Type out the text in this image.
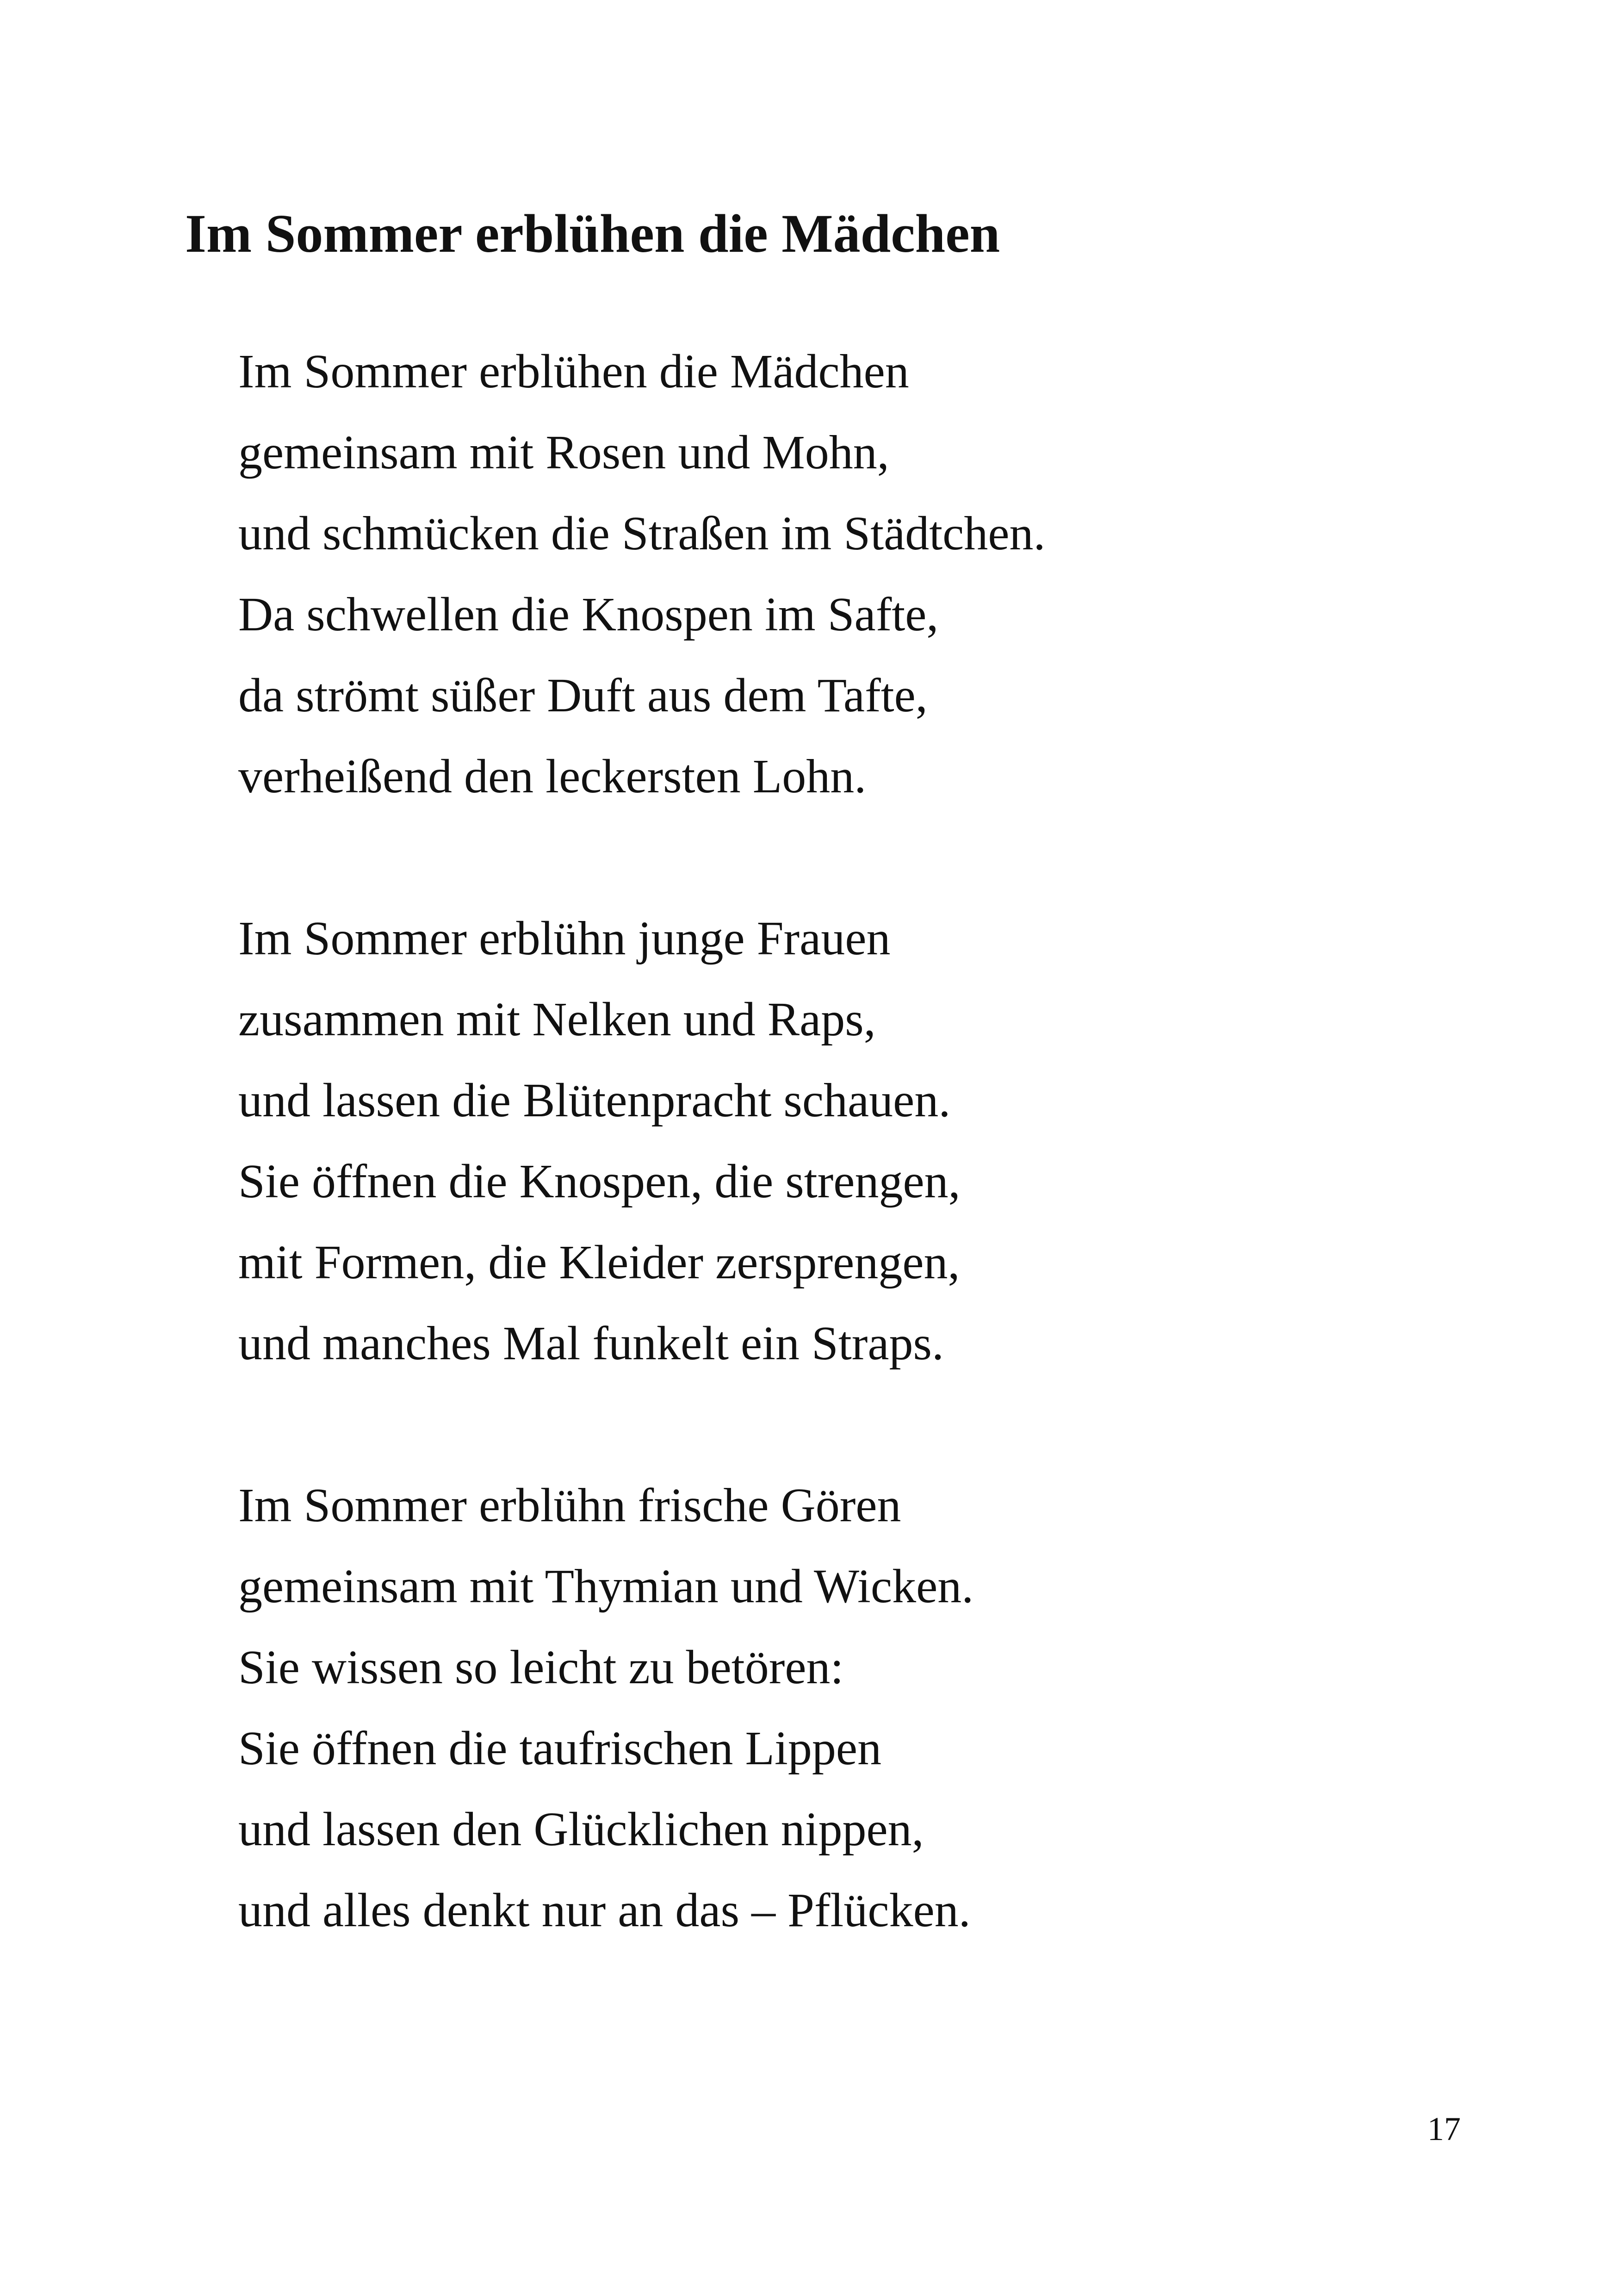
Im Sommer erblühen die Mädchen
Im Sommer erblühen die Mädchen
gemeinsam mit Rosen und Mohn,
und schmücken die Straßen im Städtchen.
Da schwellen die Knospen im Safte,
da strömt süßer Duft aus dem Tafte,
verheißend den leckersten Lohn.
Im Sommer erblühn junge Frauen
zusammen mit Nelken und Raps,
und lassen die Blütenpracht schauen.
Sie öffnen die Knospen, die strengen,
mit Formen, die Kleider zersprengen,
und manches Mal funkelt ein Straps.
Im Sommer erblühn frische Gören
gemeinsam mit Thymian und Wicken.
Sie wissen so leicht zu betören:
Sie öffnen die taufrischen Lippen
und lassen den Glücklichen nippen,
und alles denkt nur an das – Pflücken.
17
